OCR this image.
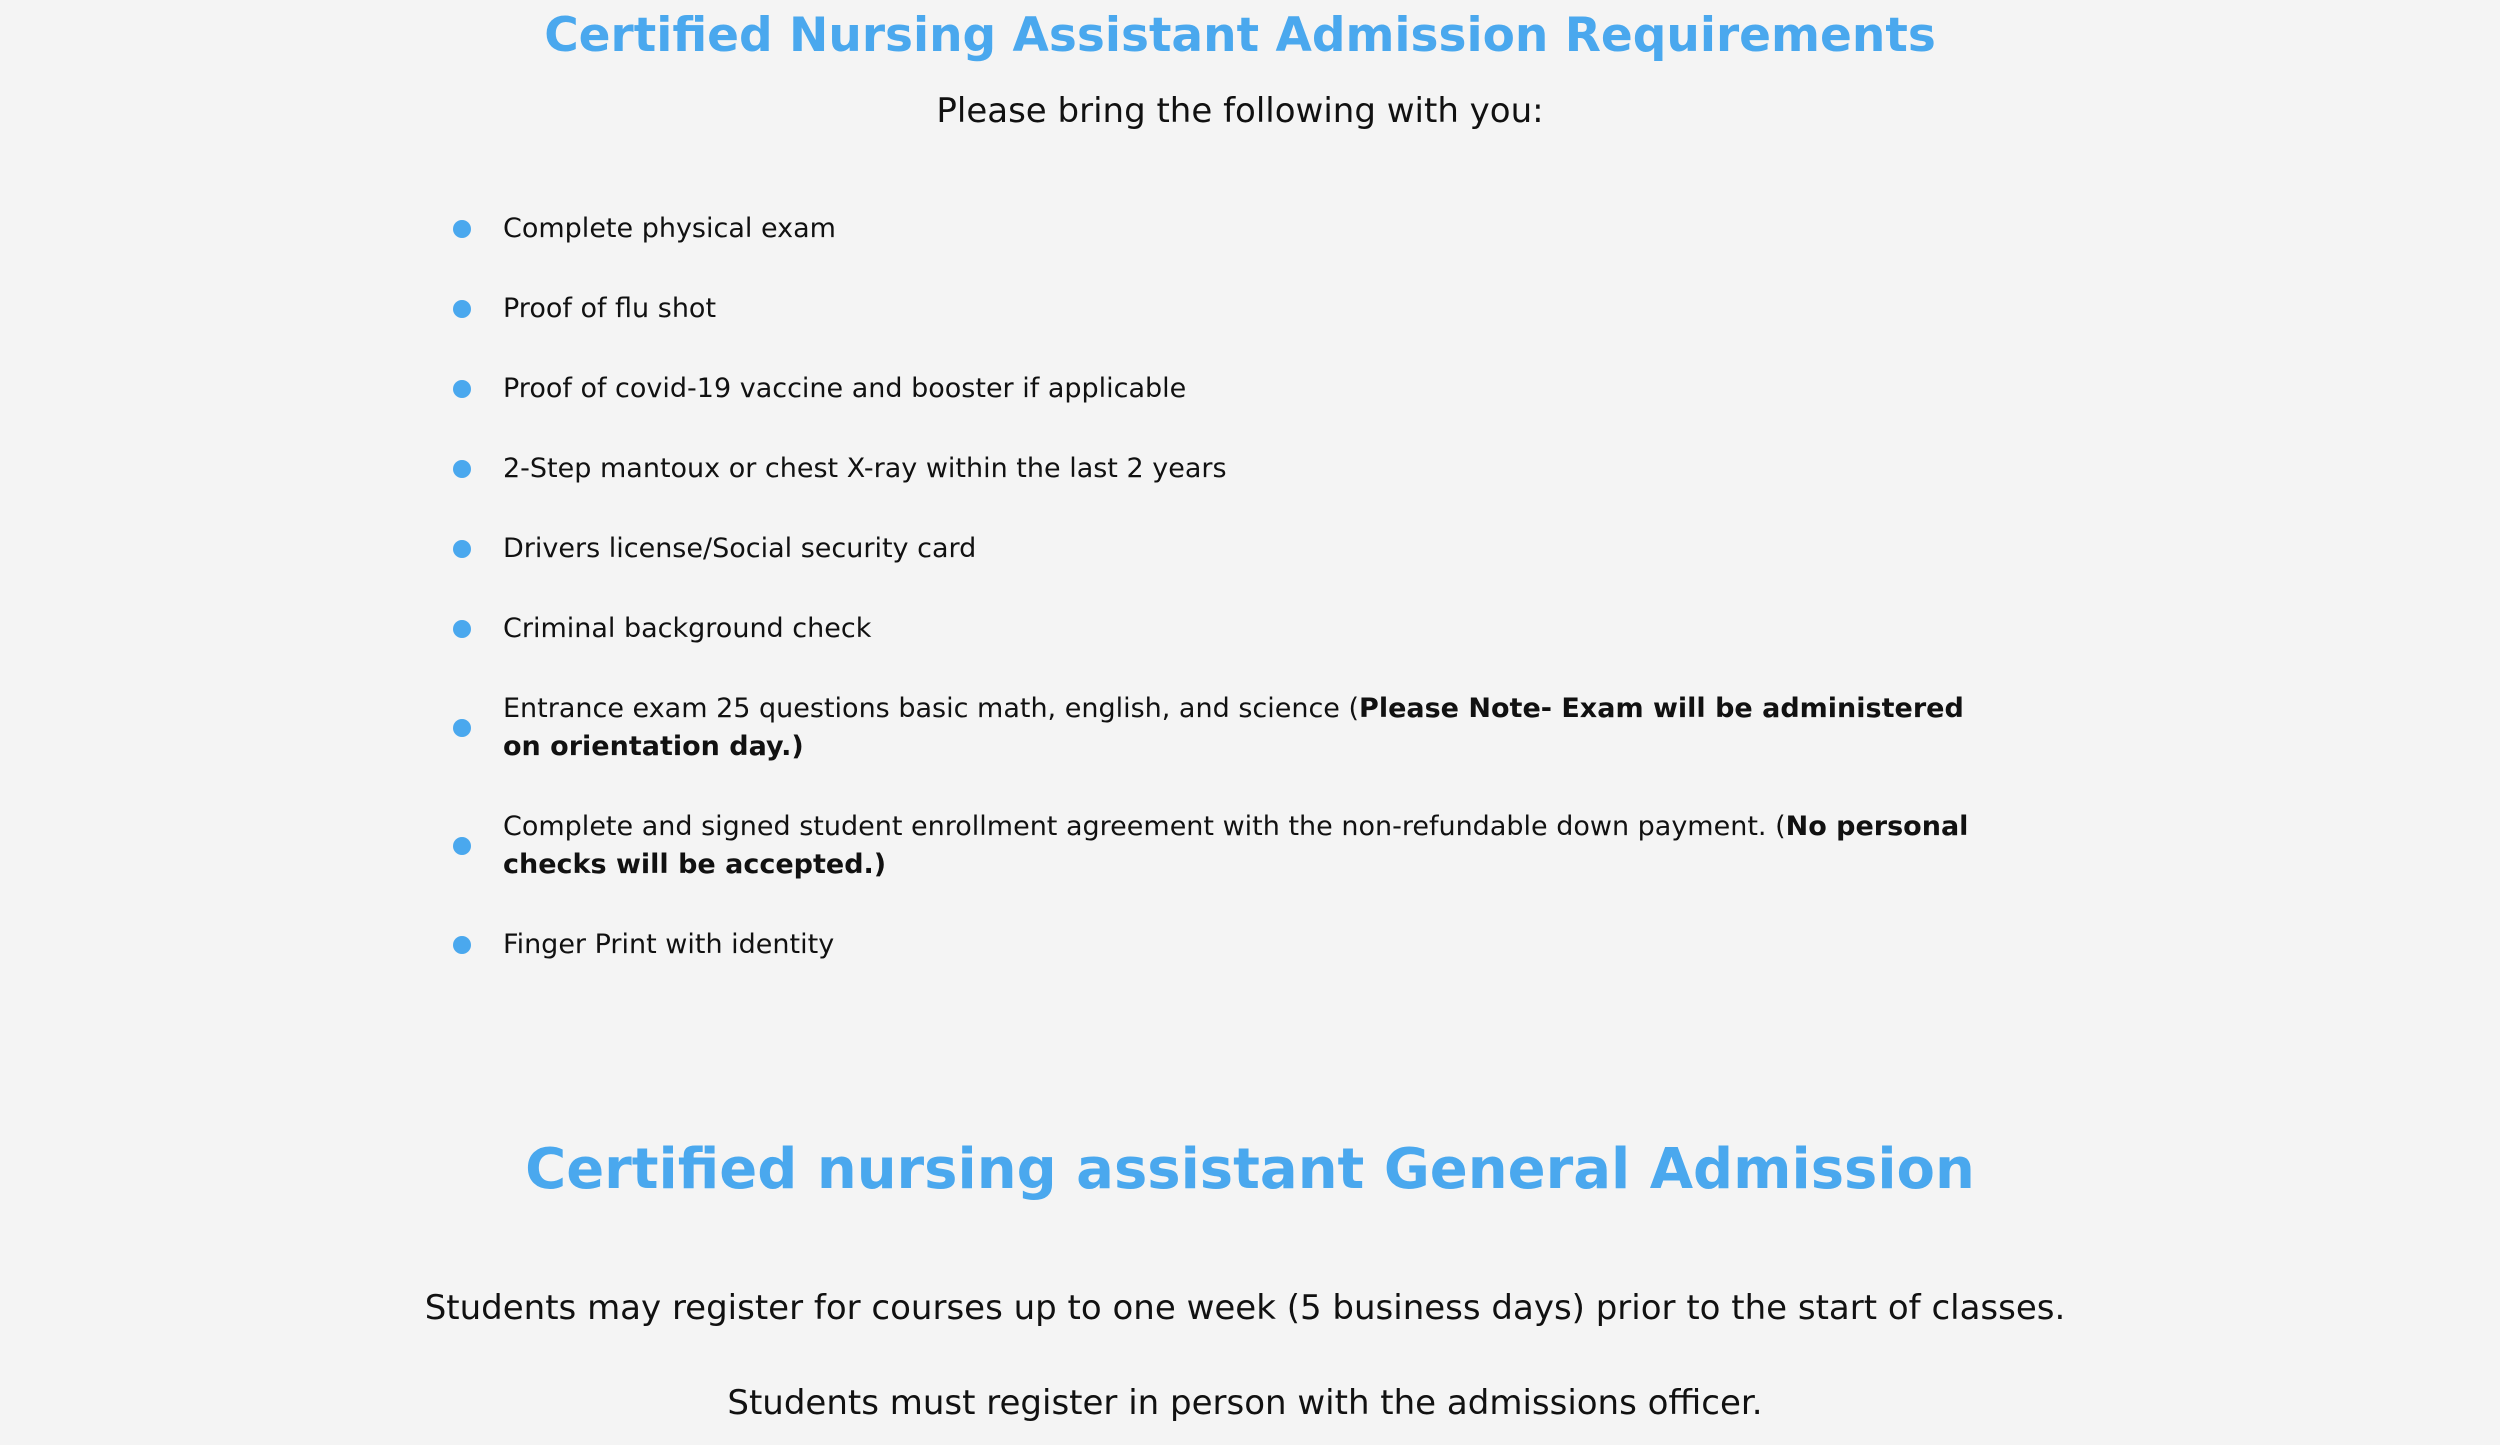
Certified Nursing Assistant Admission Requirements

Please bring the following with you:

Complete physical exam
Proof of flu shot
Proof of covid-19 vaccine and booster if applicable
2-Step mantoux or chest X-ray within the last 2 years
Drivers license/Social security card
Criminal background check
Entrance exam 25 questions basic math, english, and science (Please Note- Exam will be administered on orientation day.)
Complete and signed student enrollment agreement with the non-refundable down payment. (No personal checks will be accepted.)
Finger Print with identity
Certified nursing assistant General Admission

Students may register for courses up to one week (5 business days) prior to the start of classes.

Students must register in person with the admissions officer.
